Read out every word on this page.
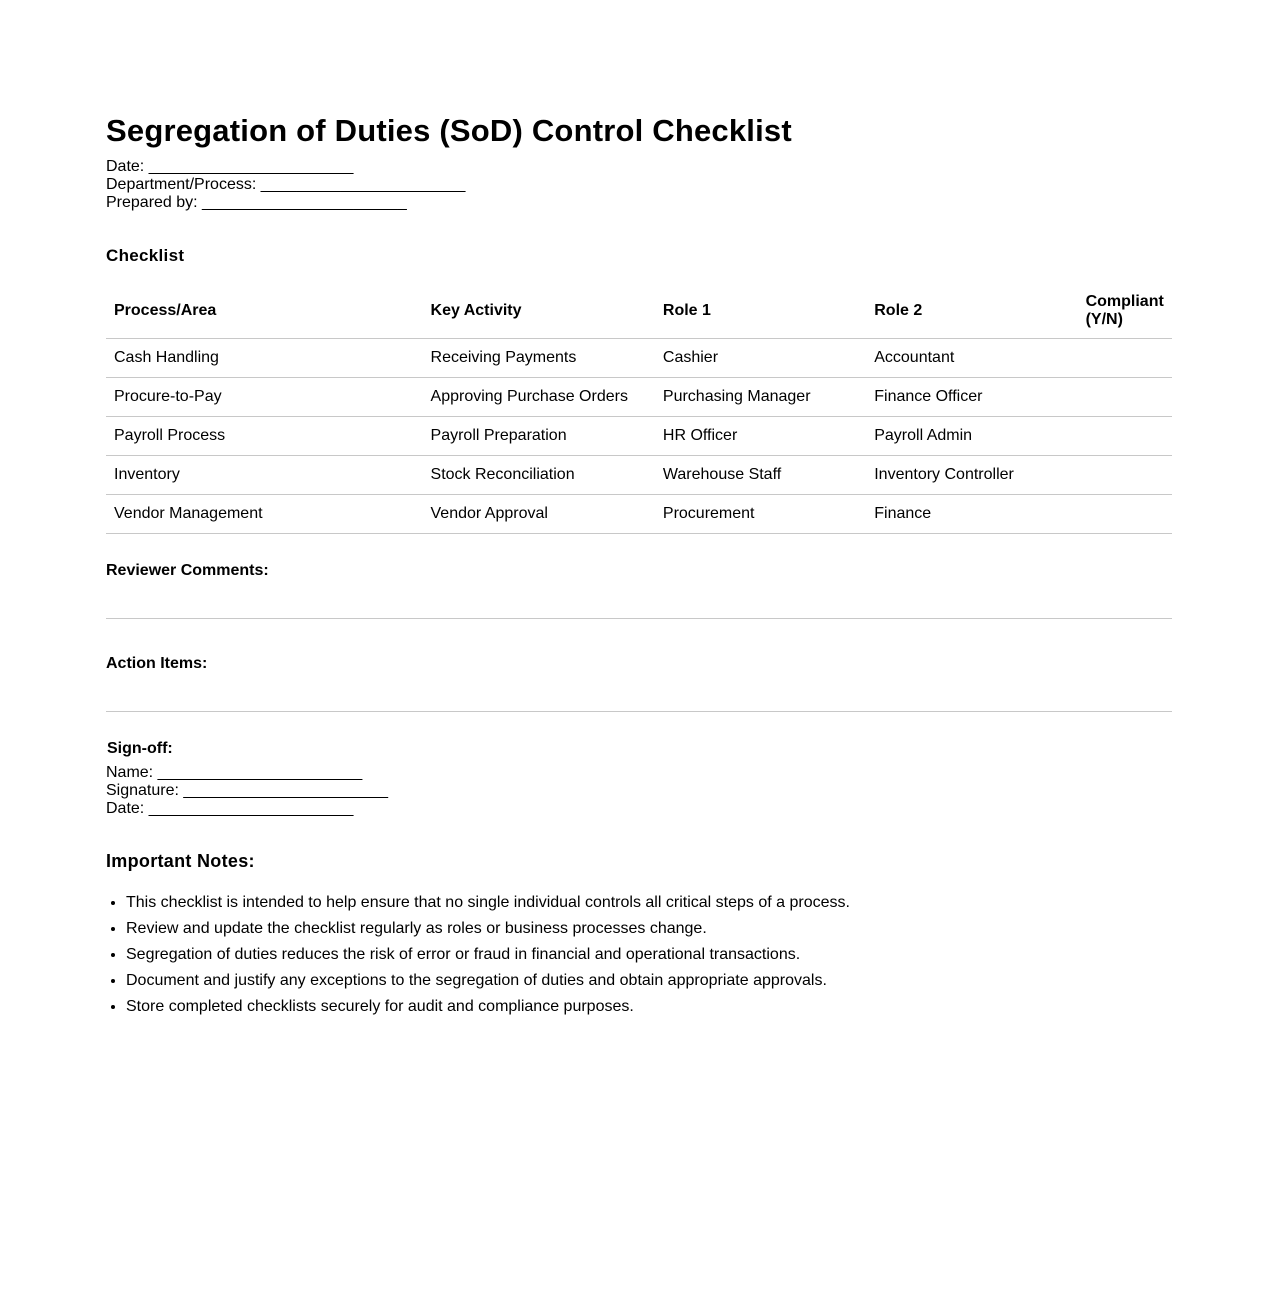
Segregation of Duties (SoD) Control Checklist

Date: _______________________

Department/Process: _______________________

Prepared by: _______________________

Checklist
Process/Area	Key Activity	Role 1	Role 2	Compliant (Y/N)
Cash Handling	Receiving Payments	Cashier	Accountant	
Procure-to-Pay	Approving Purchase Orders	Purchasing Manager	Finance Officer	
Payroll Process	Payroll Preparation	HR Officer	Payroll Admin	
Inventory	Stock Reconciliation	Warehouse Staff	Inventory Controller	
Vendor Management	Vendor Approval	Procurement	Finance	

Reviewer Comments:

Action Items:

Sign-off:

Name: _______________________

Signature: _______________________

Date: _______________________

Important Notes:
• This checklist is intended to help ensure that no single individual controls all critical steps of a process.
• Review and update the checklist regularly as roles or business processes change.
• Segregation of duties reduces the risk of error or fraud in financial and operational transactions.
• Document and justify any exceptions to the segregation of duties and obtain appropriate approvals.
• Store completed checklists securely for audit and compliance purposes.
